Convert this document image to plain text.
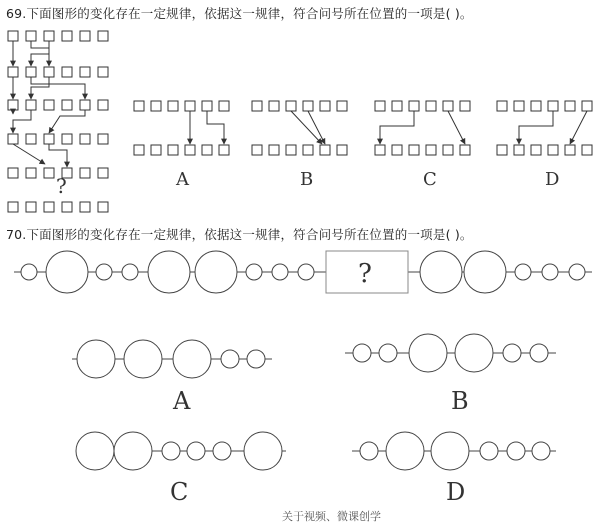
69.下面图形的变化存在一定规律，依据这一规律，符合问号所在位置的一项是( )。
70.下面图形的变化存在一定规律，依据这一规律，符合问号所在位置的一项是( )。
?	A	B	C	D
?
A	B
C	D
关于视频、微课创学
